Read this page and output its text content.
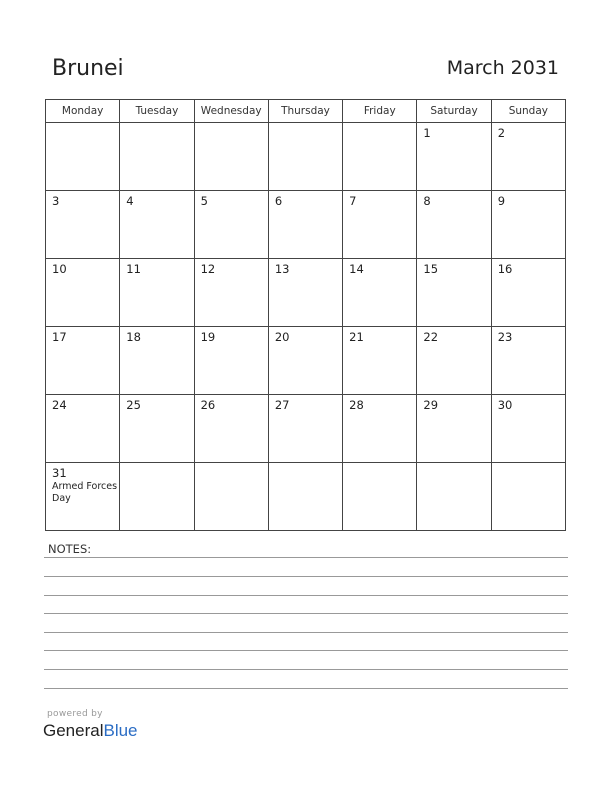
Brunei	March 2031
Monday	Tuesday	Wednesday	Thursday	Friday	Saturday	Sunday

					1	2

3	4	5	6	7	8	9

10	11	12	13	14	15	16

17	18	19	20	21	22	23

24	25	26	27	28	29	30

31
Armed Forces Day						

NOTES:
powered by
GeneralBlue
